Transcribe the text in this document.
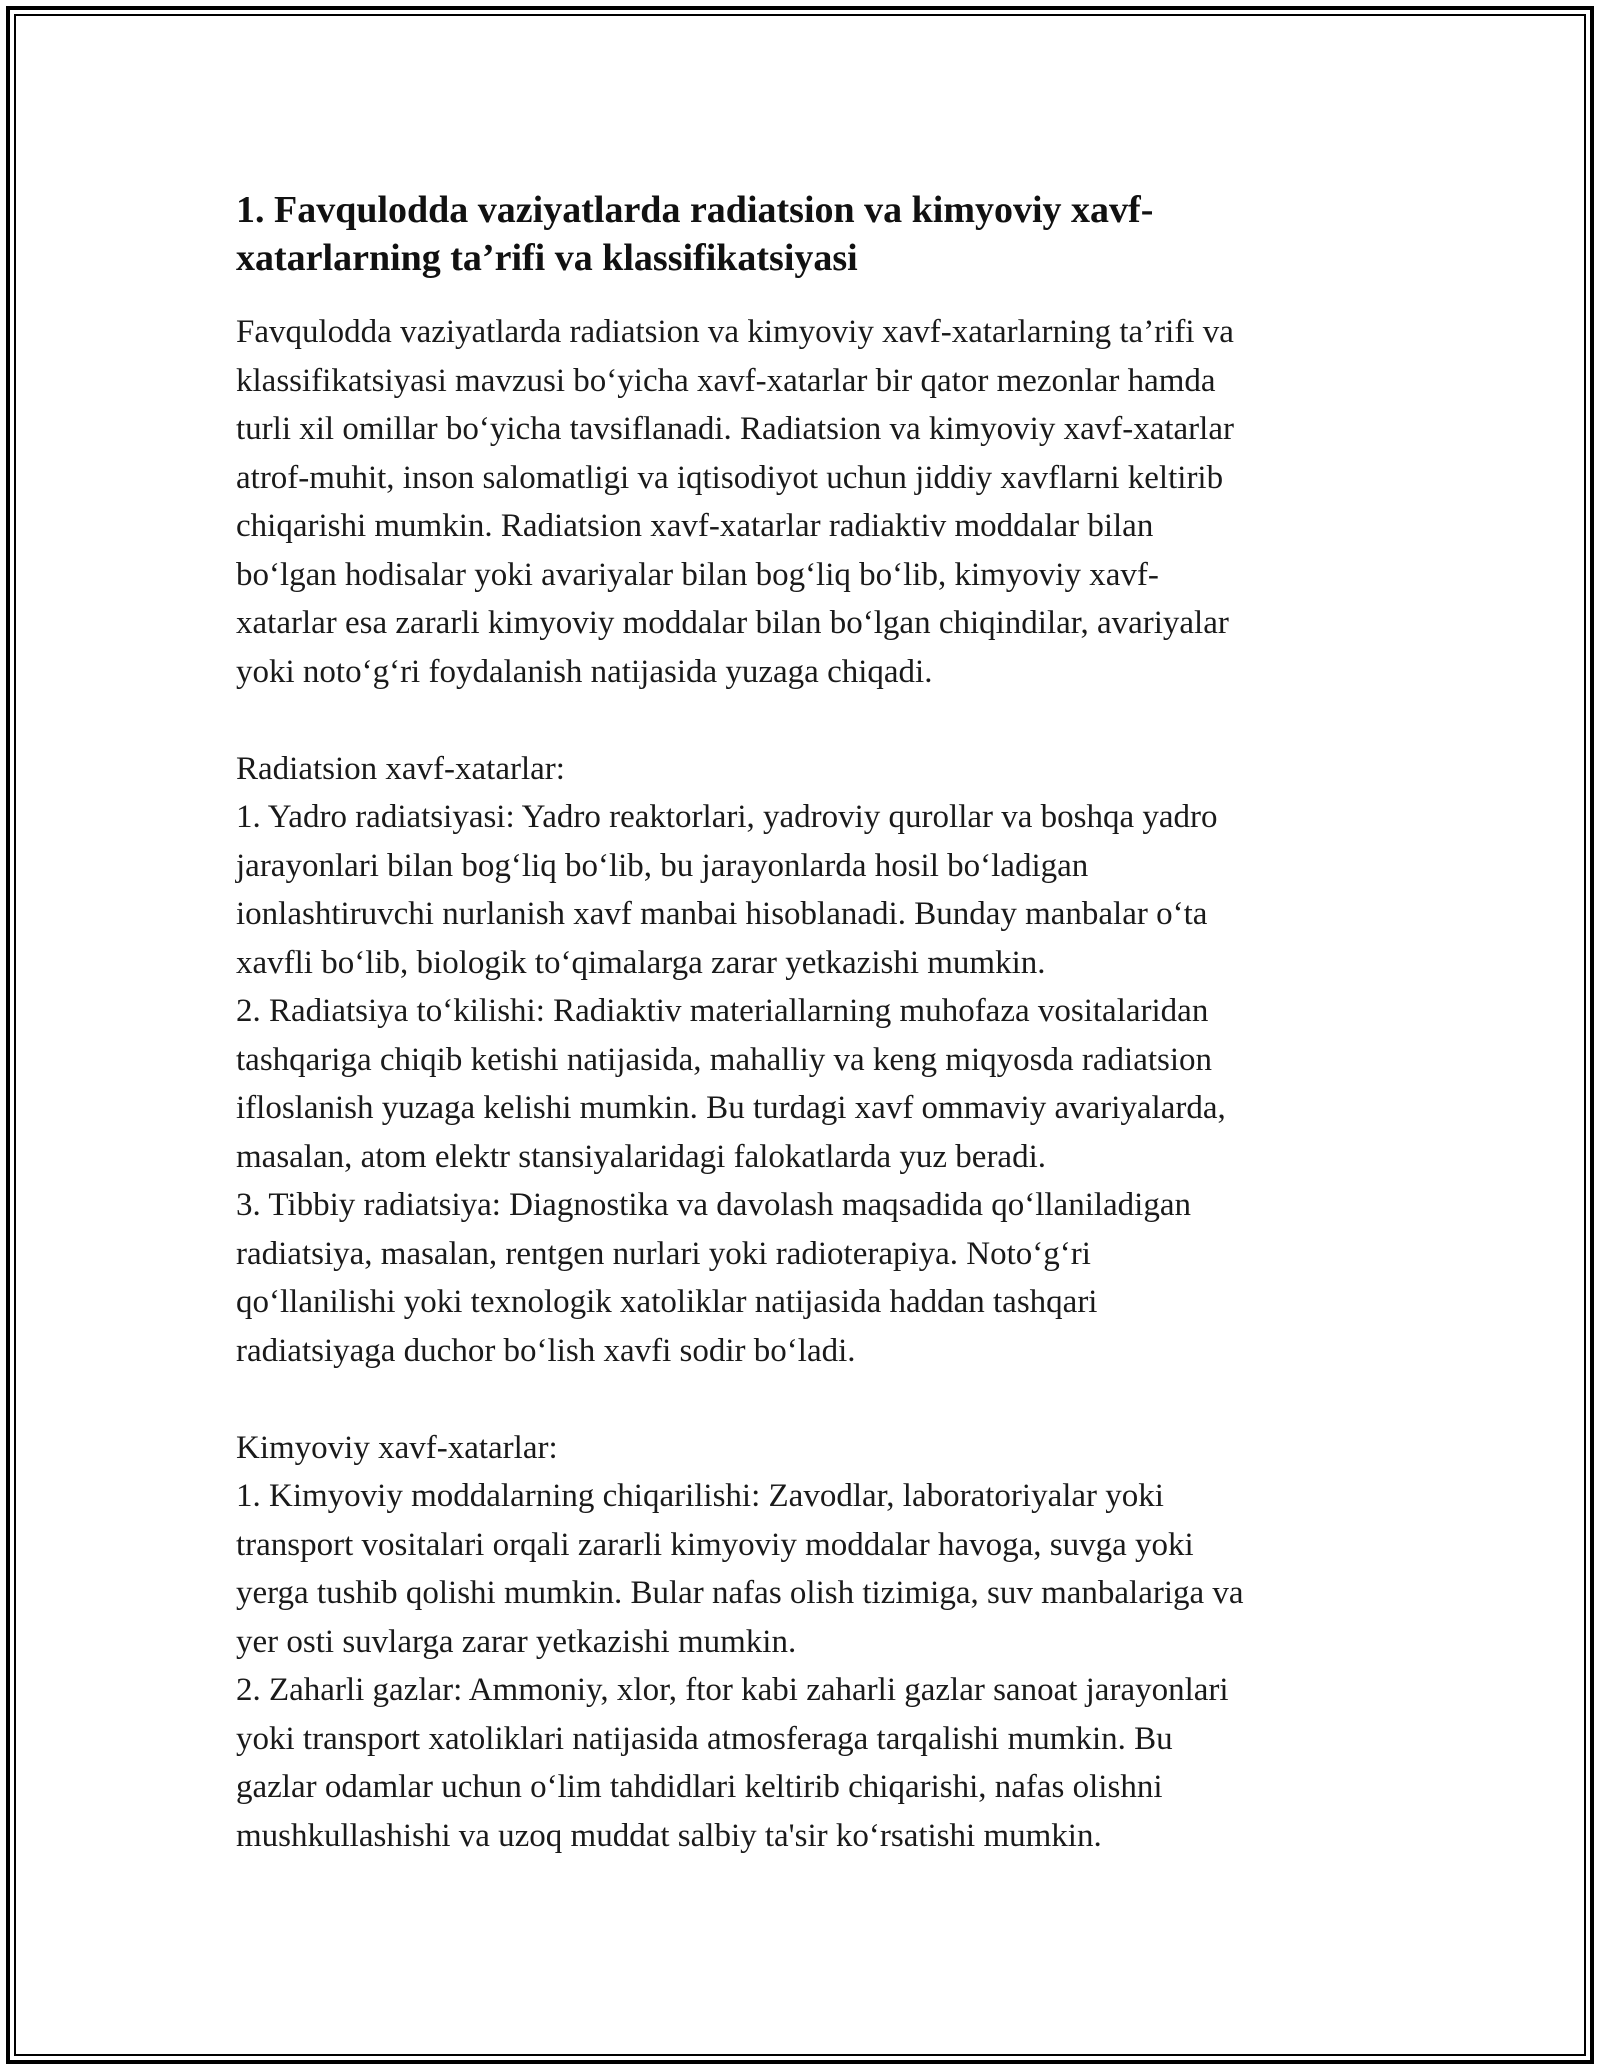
1. Favqulodda vaziyatlarda radiatsion va kimyoviy xavf-
xatarlarning ta’rifi va klassifikatsiyasi
Favqulodda vaziyatlarda radiatsion va kimyoviy xavf-xatarlarning ta’rifi va
klassifikatsiyasi mavzusi bo‘yicha xavf-xatarlar bir qator mezonlar hamda
turli xil omillar bo‘yicha tavsiflanadi. Radiatsion va kimyoviy xavf-xatarlar
atrof-muhit, inson salomatligi va iqtisodiyot uchun jiddiy xavflarni keltirib
chiqarishi mumkin. Radiatsion xavf-xatarlar radiaktiv moddalar bilan
bo‘lgan hodisalar yoki avariyalar bilan bog‘liq bo‘lib, kimyoviy xavf-
xatarlar esa zararli kimyoviy moddalar bilan bo‘lgan chiqindilar, avariyalar
yoki noto‘g‘ri foydalanish natijasida yuzaga chiqadi.
Radiatsion xavf-xatarlar:
1. Yadro radiatsiyasi: Yadro reaktorlari, yadroviy qurollar va boshqa yadro
jarayonlari bilan bog‘liq bo‘lib, bu jarayonlarda hosil bo‘ladigan
ionlashtiruvchi nurlanish xavf manbai hisoblanadi. Bunday manbalar o‘ta
xavfli bo‘lib, biologik to‘qimalarga zarar yetkazishi mumkin.
2. Radiatsiya to‘kilishi: Radiaktiv materiallarning muhofaza vositalaridan
tashqariga chiqib ketishi natijasida, mahalliy va keng miqyosda radiatsion
ifloslanish yuzaga kelishi mumkin. Bu turdagi xavf ommaviy avariyalarda,
masalan, atom elektr stansiyalaridagi falokatlarda yuz beradi.
3. Tibbiy radiatsiya: Diagnostika va davolash maqsadida qo‘llaniladigan
radiatsiya, masalan, rentgen nurlari yoki radioterapiya. Noto‘g‘ri
qo‘llanilishi yoki texnologik xatoliklar natijasida haddan tashqari
radiatsiyaga duchor bo‘lish xavfi sodir bo‘ladi.
Kimyoviy xavf-xatarlar:
1. Kimyoviy moddalarning chiqarilishi: Zavodlar, laboratoriyalar yoki
transport vositalari orqali zararli kimyoviy moddalar havoga, suvga yoki
yerga tushib qolishi mumkin. Bular nafas olish tizimiga, suv manbalariga va
yer osti suvlarga zarar yetkazishi mumkin.
2. Zaharli gazlar: Ammoniy, xlor, ftor kabi zaharli gazlar sanoat jarayonlari
yoki transport xatoliklari natijasida atmosferaga tarqalishi mumkin. Bu
gazlar odamlar uchun o‘lim tahdidlari keltirib chiqarishi, nafas olishni
mushkullashishi va uzoq muddat salbiy ta'sir ko‘rsatishi mumkin.
